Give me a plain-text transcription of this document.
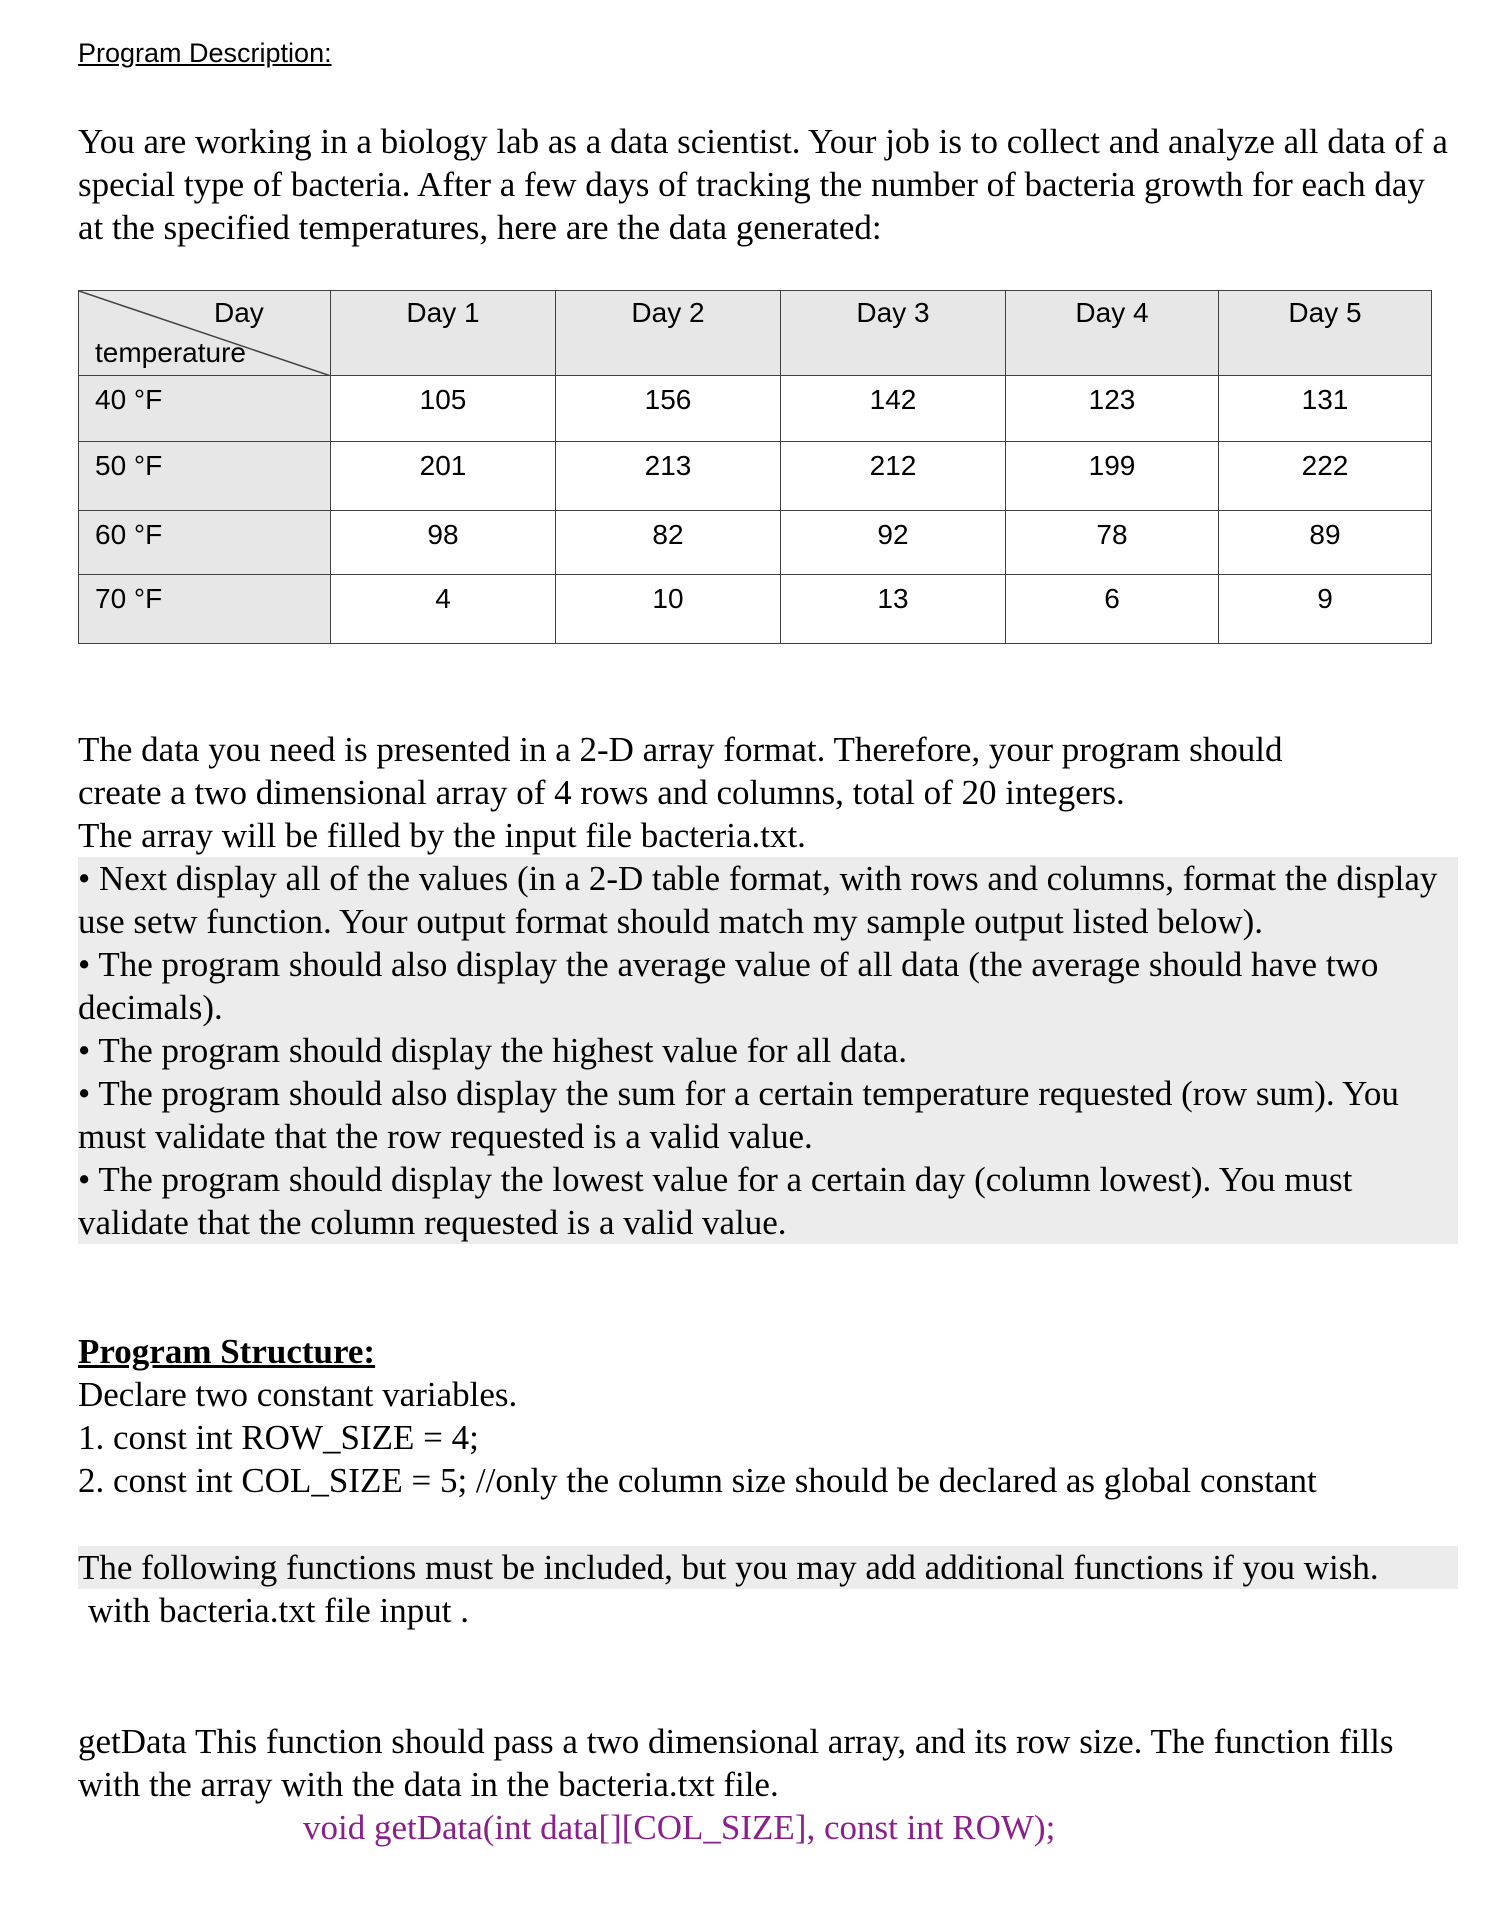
Program Description:

You are working in a biology lab as a data scientist. Your job is to collect and analyze all data of a special type of bacteria. After a few days of tracking the number of bacteria growth for each day at the specified temperatures, here are the data generated:

Day
temperature	Day 1	Day 2	Day 3	Day 4	Day 5
40 °F	105	156	142	123	131
50 °F	201	213	212	199	222
60 °F	98	82	92	78	89
70 °F	4	10	13	6	9
The data you need is presented in a 2-D array format. Therefore, your program should
create a two dimensional array of 4 rows and columns, total of 20 integers.
The array will be filled by the input file bacteria.txt.
• Next display all of the values (in a 2-D table format, with rows and columns, format the display use setw function. Your output format should match my sample output listed below).
• The program should also display the average value of all data (the average should have two decimals).
• The program should display the highest value for all data.
• The program should also display the sum for a certain temperature requested (row sum). You must validate that the row requested is a valid value.
• The program should display the lowest value for a certain day (column lowest). You must validate that the column requested is a valid value.
Program Structure:
Declare two constant variables.
1. const int ROW_SIZE = 4;
2. const int COL_SIZE = 5; //only the column size should be declared as global constant
The following functions must be included, but you may add additional functions if you wish.
with bacteria.txt file input .
getData This function should pass a two dimensional array, and its row size. The function fills with the array with the data in the bacteria.txt file.
void getData(int data[][COL_SIZE], const int ROW);
